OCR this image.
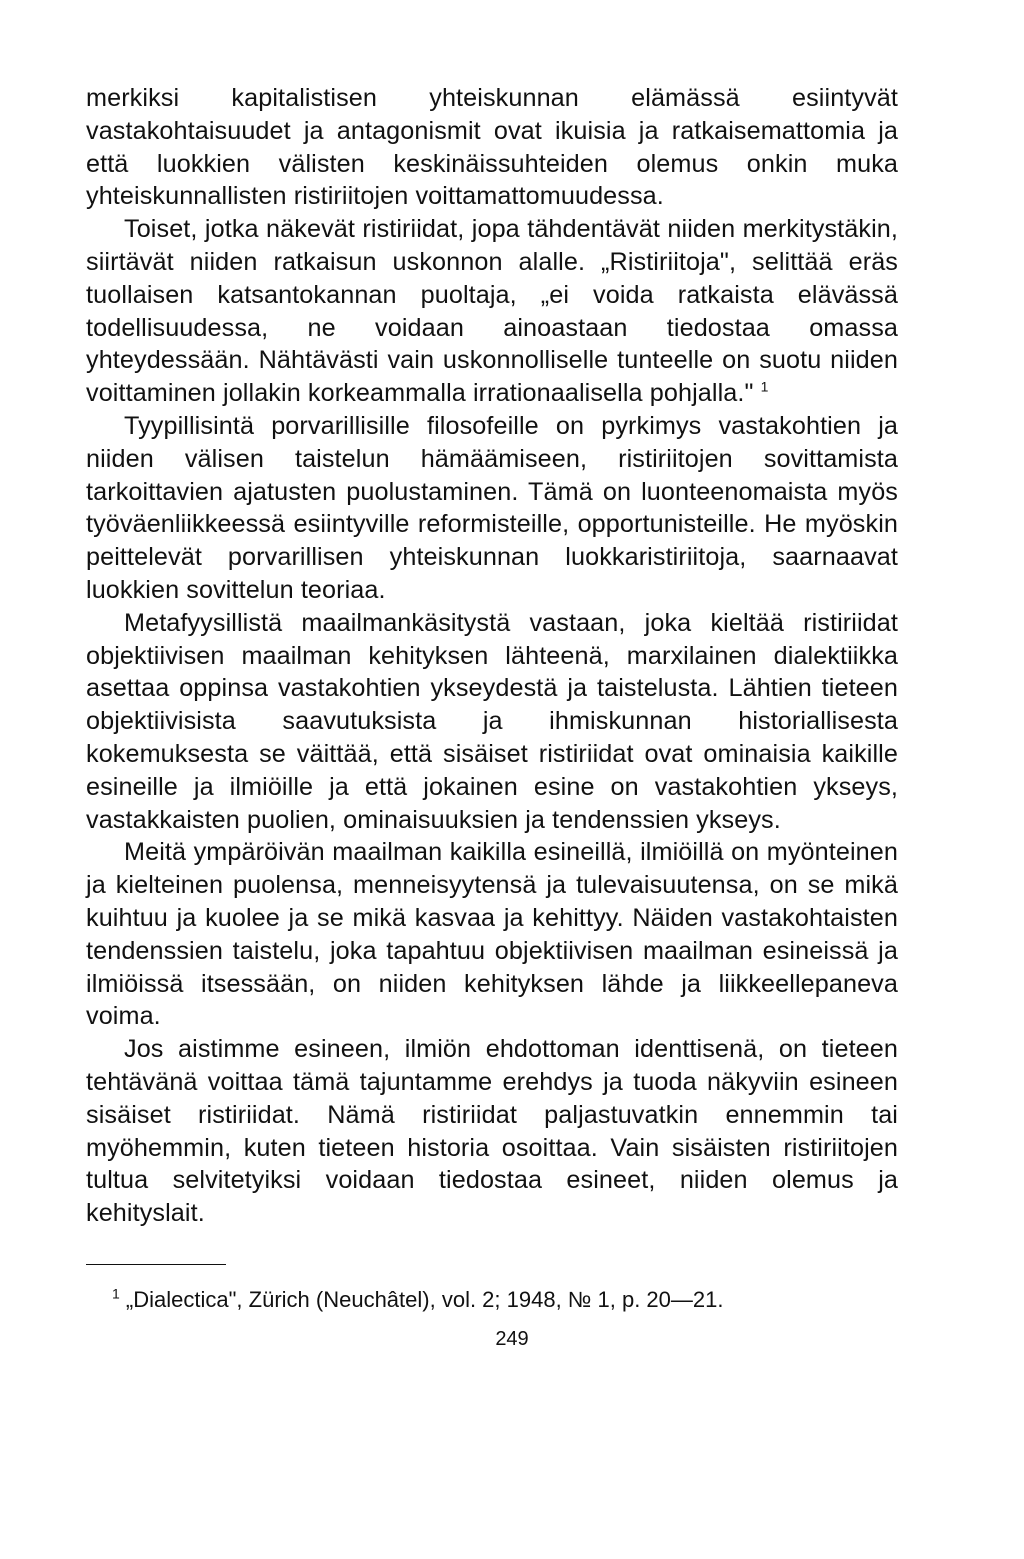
merkiksi kapitalistisen yhteiskunnan elämässä esiintyvät vastakohtaisuudet ja antagonismit ovat ikuisia ja ratkaisemattomia ja että luokkien välisten keskinäissuhteiden olemus onkin muka yhteiskunnallisten ristiriitojen voittamattomuudessa.

Toiset, jotka näkevät ristiriidat, jopa tähdentävät niiden merkitystäkin, siirtävät niiden ratkaisun uskonnon alalle. „Ristiriitoja", selittää eräs tuollaisen katsantokannan puoltaja, „ei voida ratkaista elävässä todellisuudessa, ne voidaan ainoastaan tiedostaa omassa yhteydessään. Nähtävästi vain uskonnolliselle tunteelle on suotu niiden voittaminen jollakin korkeammalla irrationaalisella pohjalla." $^1$

Tyypillisintä porvarillisille filosofeille on pyrkimys vastakohtien ja niiden välisen taistelun hämäämiseen, ristiriitojen sovittamista tarkoittavien ajatusten puolustaminen. Tämä on luonteenomaista myös työväenliikkeessä esiintyville reformisteille, opportunisteille. He myöskin peittelevät porvarillisen yhteiskunnan luokkaristiriitoja, saarnaavat luokkien sovittelun teoriaa.

Metafyysillistä maailmankäsitystä vastaan, joka kieltää ristiriidat objektiivisen maailman kehityksen lähteenä, marxilainen dialektiikka asettaa oppinsa vastakohtien ykseydestä ja taistelusta. Lähtien tieteen objektiivisista saavutuksista ja ihmiskunnan historiallisesta kokemuksesta se väittää, että sisäiset ristiriidat ovat ominaisia kaikille esineille ja ilmiöille ja että jokainen esine on vastakohtien ykseys, vastakkaisten puolien, ominaisuuksien ja tendenssien ykseys.

Meitä ympäröivän maailman kaikilla esineillä, ilmiöillä on myönteinen ja kielteinen puolensa, menneisyytensä ja tulevaisuutensa, on se mikä kuihtuu ja kuolee ja se mikä kasvaa ja kehittyy. Näiden vastakohtaisten tendenssien taistelu, joka tapahtuu objektiivisen maailman esineissä ja ilmiöissä itsessään, on niiden kehityksen lähde ja liikkeellepaneva voima.

Jos aistimme esineen, ilmiön ehdottoman identtisenä, on tieteen tehtävänä voittaa tämä tajuntamme erehdys ja tuoda näkyviin esineen sisäiset ristiriidat. Nämä ristiriidat paljastuvatkin ennemmin tai myöhemmin, kuten tieteen historia osoittaa. Vain sisäisten ristiriitojen tultua selvitetyiksi voidaan tiedostaa esineet, niiden olemus ja kehityslait.

$^1$ „Dialectica", Zürich (Neuchâtel), vol. 2; 1948, № 1, p. 20—21.
249
